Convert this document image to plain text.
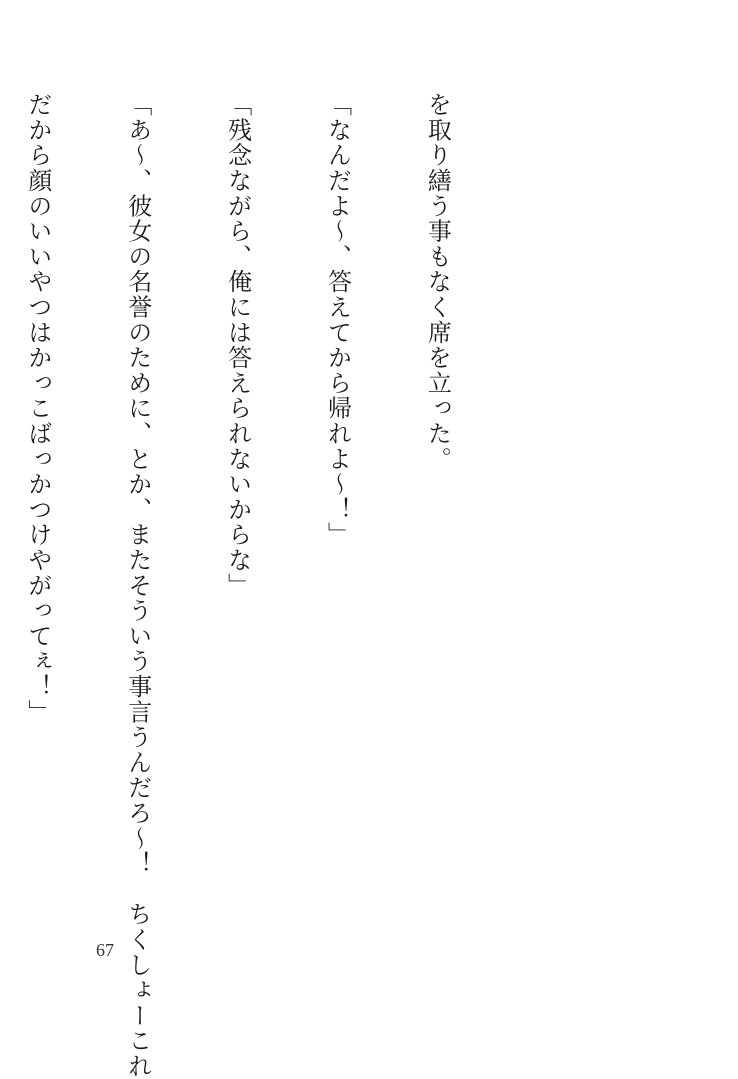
を取り繕う事もなく席を立った。

「なんだよ〜、答えてから帰れよ〜！」

「残念ながら、俺には答えられないからな」

「あ〜、彼女の名誉のために、とか、またそういう事言うんだろ〜！　ちくしょーこれ

だから顔のいいやつはかっこばっかつけやがってぇ！」

67
